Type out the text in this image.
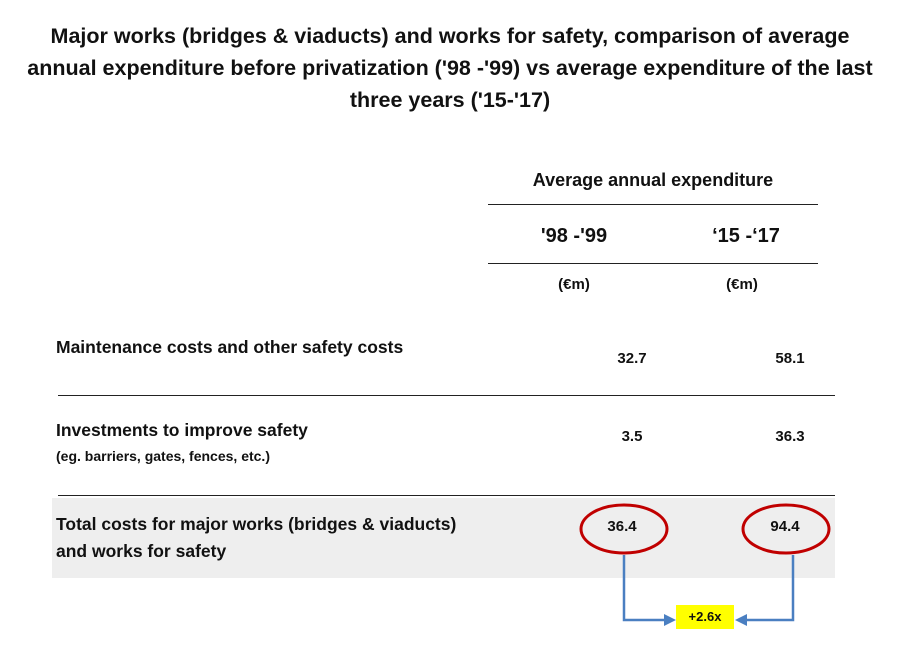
Major works (bridges & viaducts) and works for safety, comparison of average annual expenditure before privatization ('98 -'99) vs average expenditure of the last three years ('15-'17)
Average annual expenditure
'98 -'99	‘15 -‘17
(€m)	(€m)
Maintenance costs and other safety costs
32.7	58.1
Investments to improve safety
(eg. barriers, gates, fences, etc.)
3.5	36.3
Total costs for major works (bridges & viaducts)
and works for safety
36.4	94.4
+2.6x
